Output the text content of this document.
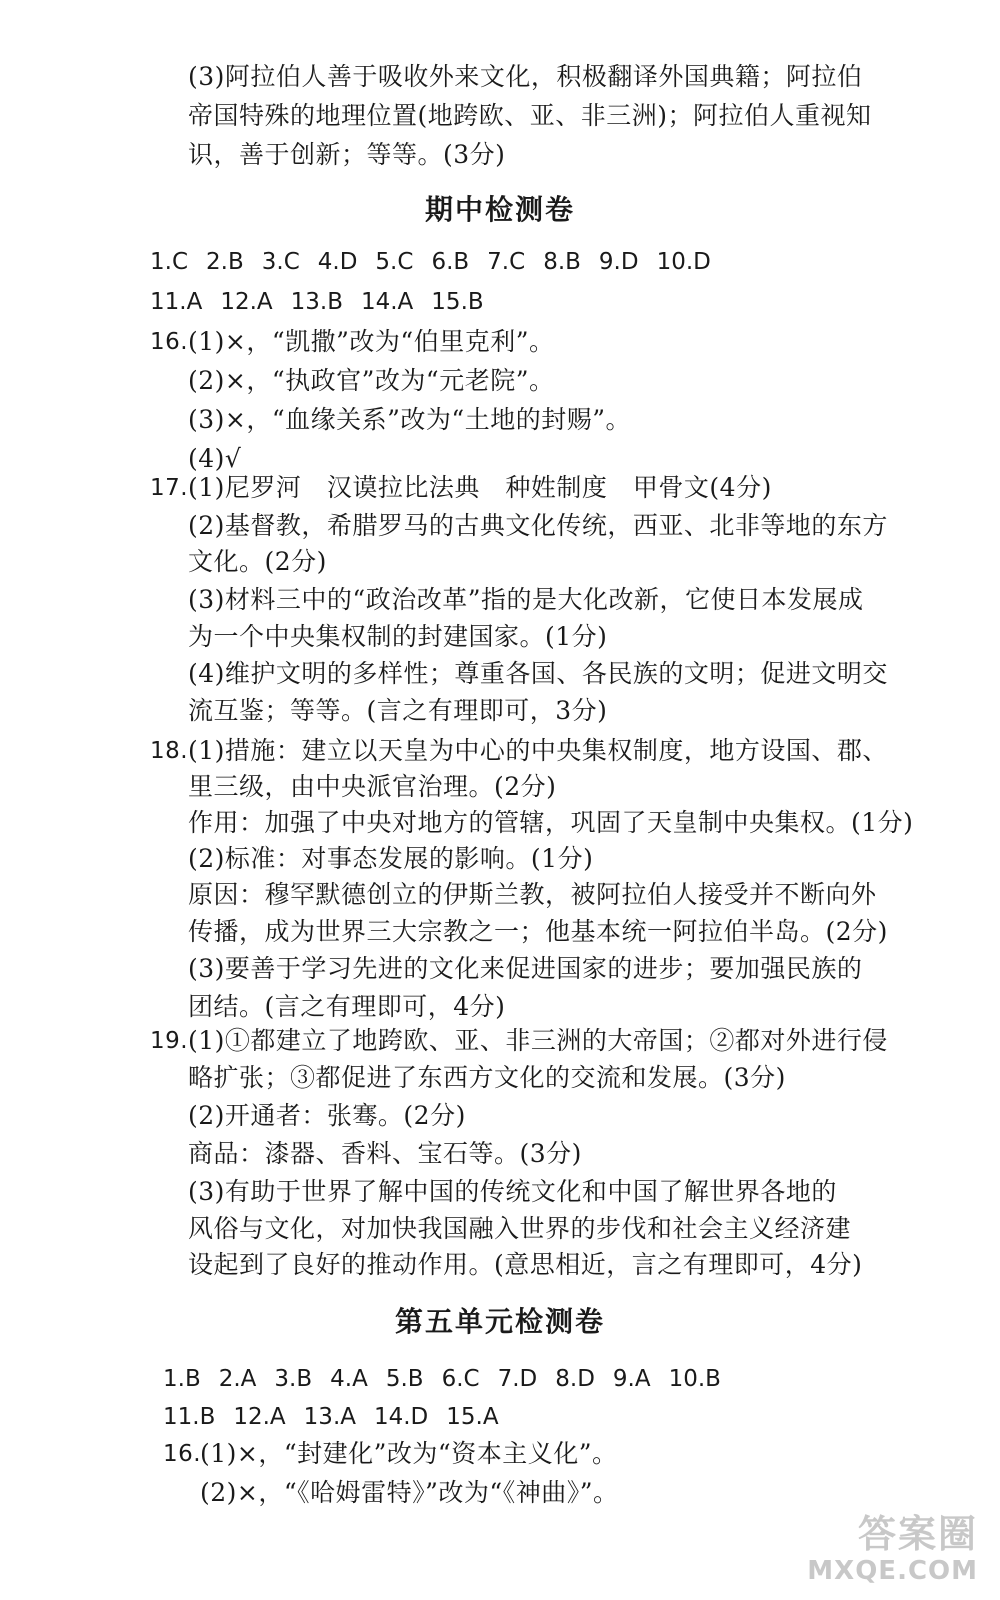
(3)阿拉伯人善于吸收外来文化，积极翻译外国典籍；阿拉伯
帝国特殊的地理位置(地跨欧、亚、非三洲)；阿拉伯人重视知
识，善于创新；等等。(3分)
期中检测卷
1.C 2.B 3.C 4.D 5.C 6.B 7.C 8.B 9.D 10.D
11.A 12.A 13.B 14.A 15.B
16. (1)×，“凯撒”改为“伯里克利”。
(2)×，“执政官”改为“元老院”。
(3)×，“血缘关系”改为“土地的封赐”。
(4)√
17. (1)尼罗河　汉谟拉比法典　种姓制度　甲骨文(4分)
(2)基督教，希腊罗马的古典文化传统，西亚、北非等地的东方
文化。(2分)
(3)材料三中的“政治改革”指的是大化改新，它使日本发展成
为一个中央集权制的封建国家。(1分)
(4)维护文明的多样性；尊重各国、各民族的文明；促进文明交
流互鉴；等等。(言之有理即可，3分)
18. (1)措施：建立以天皇为中心的中央集权制度，地方设国、郡、
里三级，由中央派官治理。(2分)
作用：加强了中央对地方的管辖，巩固了天皇制中央集权。(1分)
(2)标准：对事态发展的影响。(1分)
原因：穆罕默德创立的伊斯兰教，被阿拉伯人接受并不断向外
传播，成为世界三大宗教之一；他基本统一阿拉伯半岛。(2分)
(3)要善于学习先进的文化来促进国家的进步；要加强民族的
团结。(言之有理即可，4分)
19. (1)①都建立了地跨欧、亚、非三洲的大帝国；②都对外进行侵
略扩张；③都促进了东西方文化的交流和发展。(3分)
(2)开通者：张骞。(2分)
商品：漆器、香料、宝石等。(3分)
(3)有助于世界了解中国的传统文化和中国了解世界各地的
风俗与文化，对加快我国融入世界的步伐和社会主义经济建
设起到了良好的推动作用。(意思相近，言之有理即可，4分)
第五单元检测卷
1.B 2.A 3.B 4.A 5.B 6.C 7.D 8.D 9.A 10.B
11.B 12.A 13.A 14.D 15.A
16.
(1)×，“封建化”改为“资本主义化”。
(2)×，“《哈姆雷特》”改为“《神曲》”。
答案圈
MXQE.COM
